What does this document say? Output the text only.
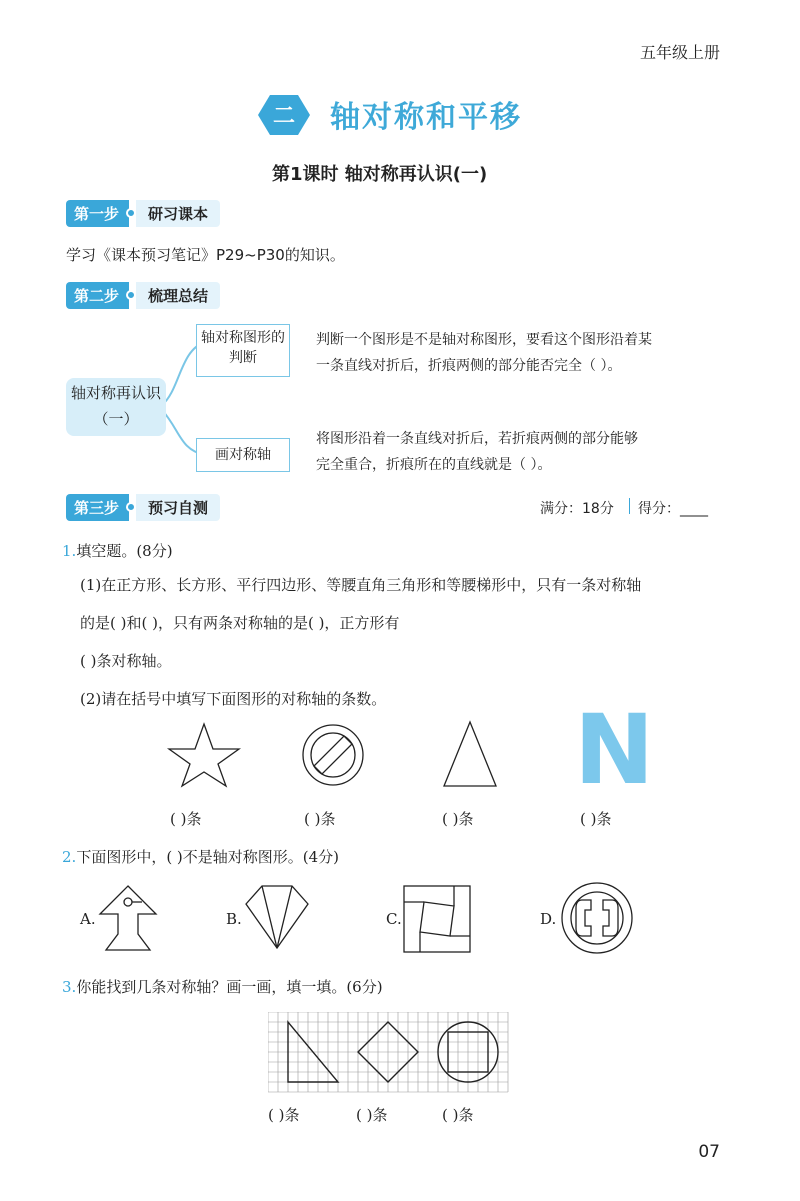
五年级上册
二 轴对称和平移
第1课时 轴对称再认识(一)
第一步	研习课本
学习《课本预习笔记》P29~P30的知识。
第二步	梳理总结
轴对称再认识（一）
轴对称图形的判断
画对称轴
判断一个图形是不是轴对称图形，要看这个图形沿着某
一条直线对折后，折痕两侧的部分能否完全（ ）。
将图形沿着一条直线对折后，若折痕两侧的部分能够
完全重合，折痕所在的直线就是（ ）。
第三步	预习自测	满分：18分 得分：____
1.填空题。(8分)
(1)在正方形、长方形、平行四边形、等腰直角三角形和等腰梯形中，只有一条对称轴
的是( )和( )，只有两条对称轴的是( )，正方形有
( )条对称轴。
(2)请在括号中填写下面图形的对称轴的条数。 N
( )条	( )条	( )条	( )条
2.下面图形中，( )不是轴对称图形。(4分)
A.	B.	C.	D.
3.你能找到几条对称轴？画一画，填一填。(6分)
( )条	( )条	( )条
07
